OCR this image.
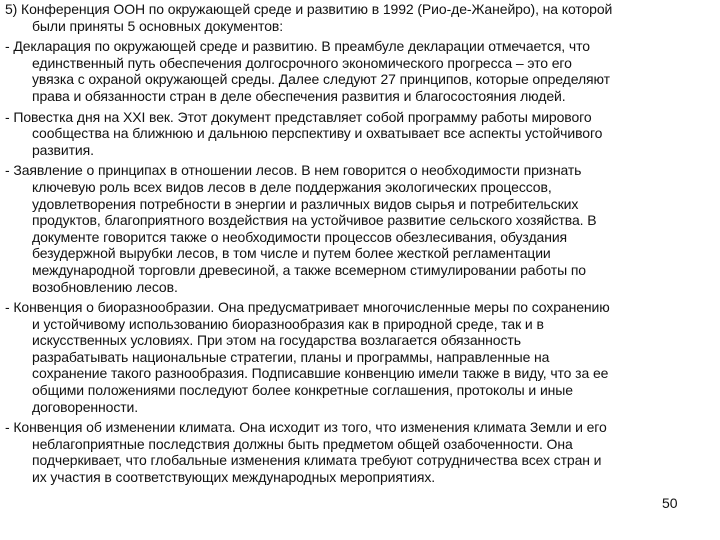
5) Конференция ООН по окружающей среде и развитию в 1992 (Рио-де-Жанейро), на которой
были приняты 5 основных документов:
- Декларация по окружающей среде и развитию. В преамбуле декларации отмечается, что
единственный путь обеспечения долгосрочного экономического прогресса – это его
увязка с охраной окружающей среды. Далее следуют 27 принципов, которые определяют
права и обязанности стран в деле обеспечения развития и благосостояния людей.
- Повестка дня на XXI век. Этот документ представляет собой программу работы мирового
сообщества на ближнюю и дальнюю перспективу и охватывает все аспекты устойчивого
развития.
- Заявление о принципах в отношении лесов. В нем говорится о необходимости признать
ключевую роль всех видов лесов в деле поддержания экологических процессов,
удовлетворения потребности в энергии и различных видов сырья и потребительских
продуктов, благоприятного воздействия на устойчивое развитие сельского хозяйства. В
документе говорится также о необходимости процессов обезлесивания, обуздания
безудержной вырубки лесов, в том числе и путем более жесткой регламентации
международной торговли древесиной, а также всемерном стимулировании работы по
возобновлению лесов.
- Конвенция о биоразнообразии. Она предусматривает многочисленные меры по сохранению
и устойчивому использованию биоразнообразия как в природной среде, так и в
искусственных условиях. При этом на государства возлагается обязанность
разрабатывать национальные стратегии, планы и программы, направленные на
сохранение такого разнообразия. Подписавшие конвенцию имели также в виду, что за ее
общими положениями последуют более конкретные соглашения, протоколы и иные
договоренности.
- Конвенция об изменении климата. Она исходит из того, что изменения климата Земли и его
неблагоприятные последствия должны быть предметом общей озабоченности. Она
подчеркивает, что глобальные изменения климата требуют сотрудничества всех стран и
их участия в соответствующих международных мероприятиях.
50
